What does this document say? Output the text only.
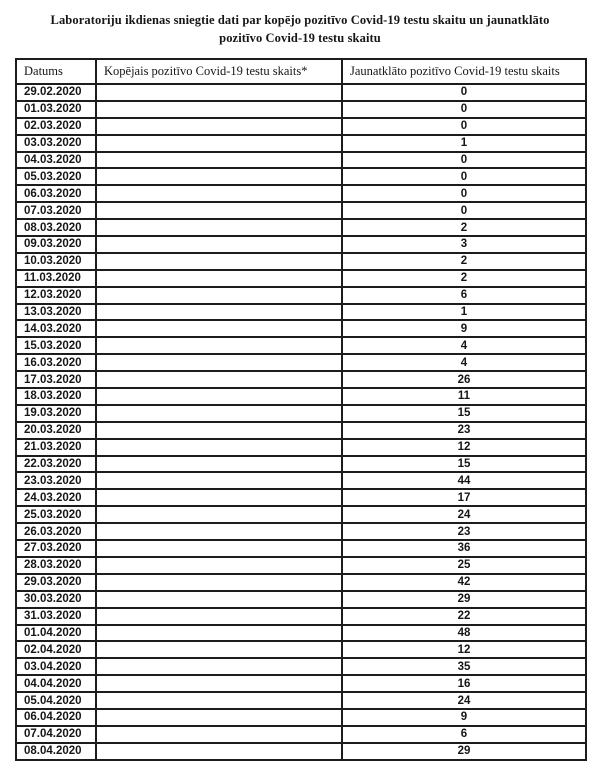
Laboratoriju ikdienas sniegtie dati par kopējo pozitīvo Covid-19 testu skaitu un jaunatklāto
pozitīvo Covid-19 testu skaitu
Datums	Kopējais pozitīvo Covid-19 testu skaits*	Jaunatklāto pozitīvo Covid-19 testu skaits
29.02.2020		0
01.03.2020		0
02.03.2020		0
03.03.2020		1
04.03.2020		0
05.03.2020		0
06.03.2020		0
07.03.2020		0
08.03.2020		2
09.03.2020		3
10.03.2020		2
11.03.2020		2
12.03.2020		6
13.03.2020		1
14.03.2020		9
15.03.2020		4
16.03.2020		4
17.03.2020		26
18.03.2020		11
19.03.2020		15
20.03.2020		23
21.03.2020		12
22.03.2020		15
23.03.2020		44
24.03.2020		17
25.03.2020		24
26.03.2020		23
27.03.2020		36
28.03.2020		25
29.03.2020		42
30.03.2020		29
31.03.2020		22
01.04.2020		48
02.04.2020		12
03.04.2020		35
04.04.2020		16
05.04.2020		24
06.04.2020		9
07.04.2020		6
08.04.2020		29
